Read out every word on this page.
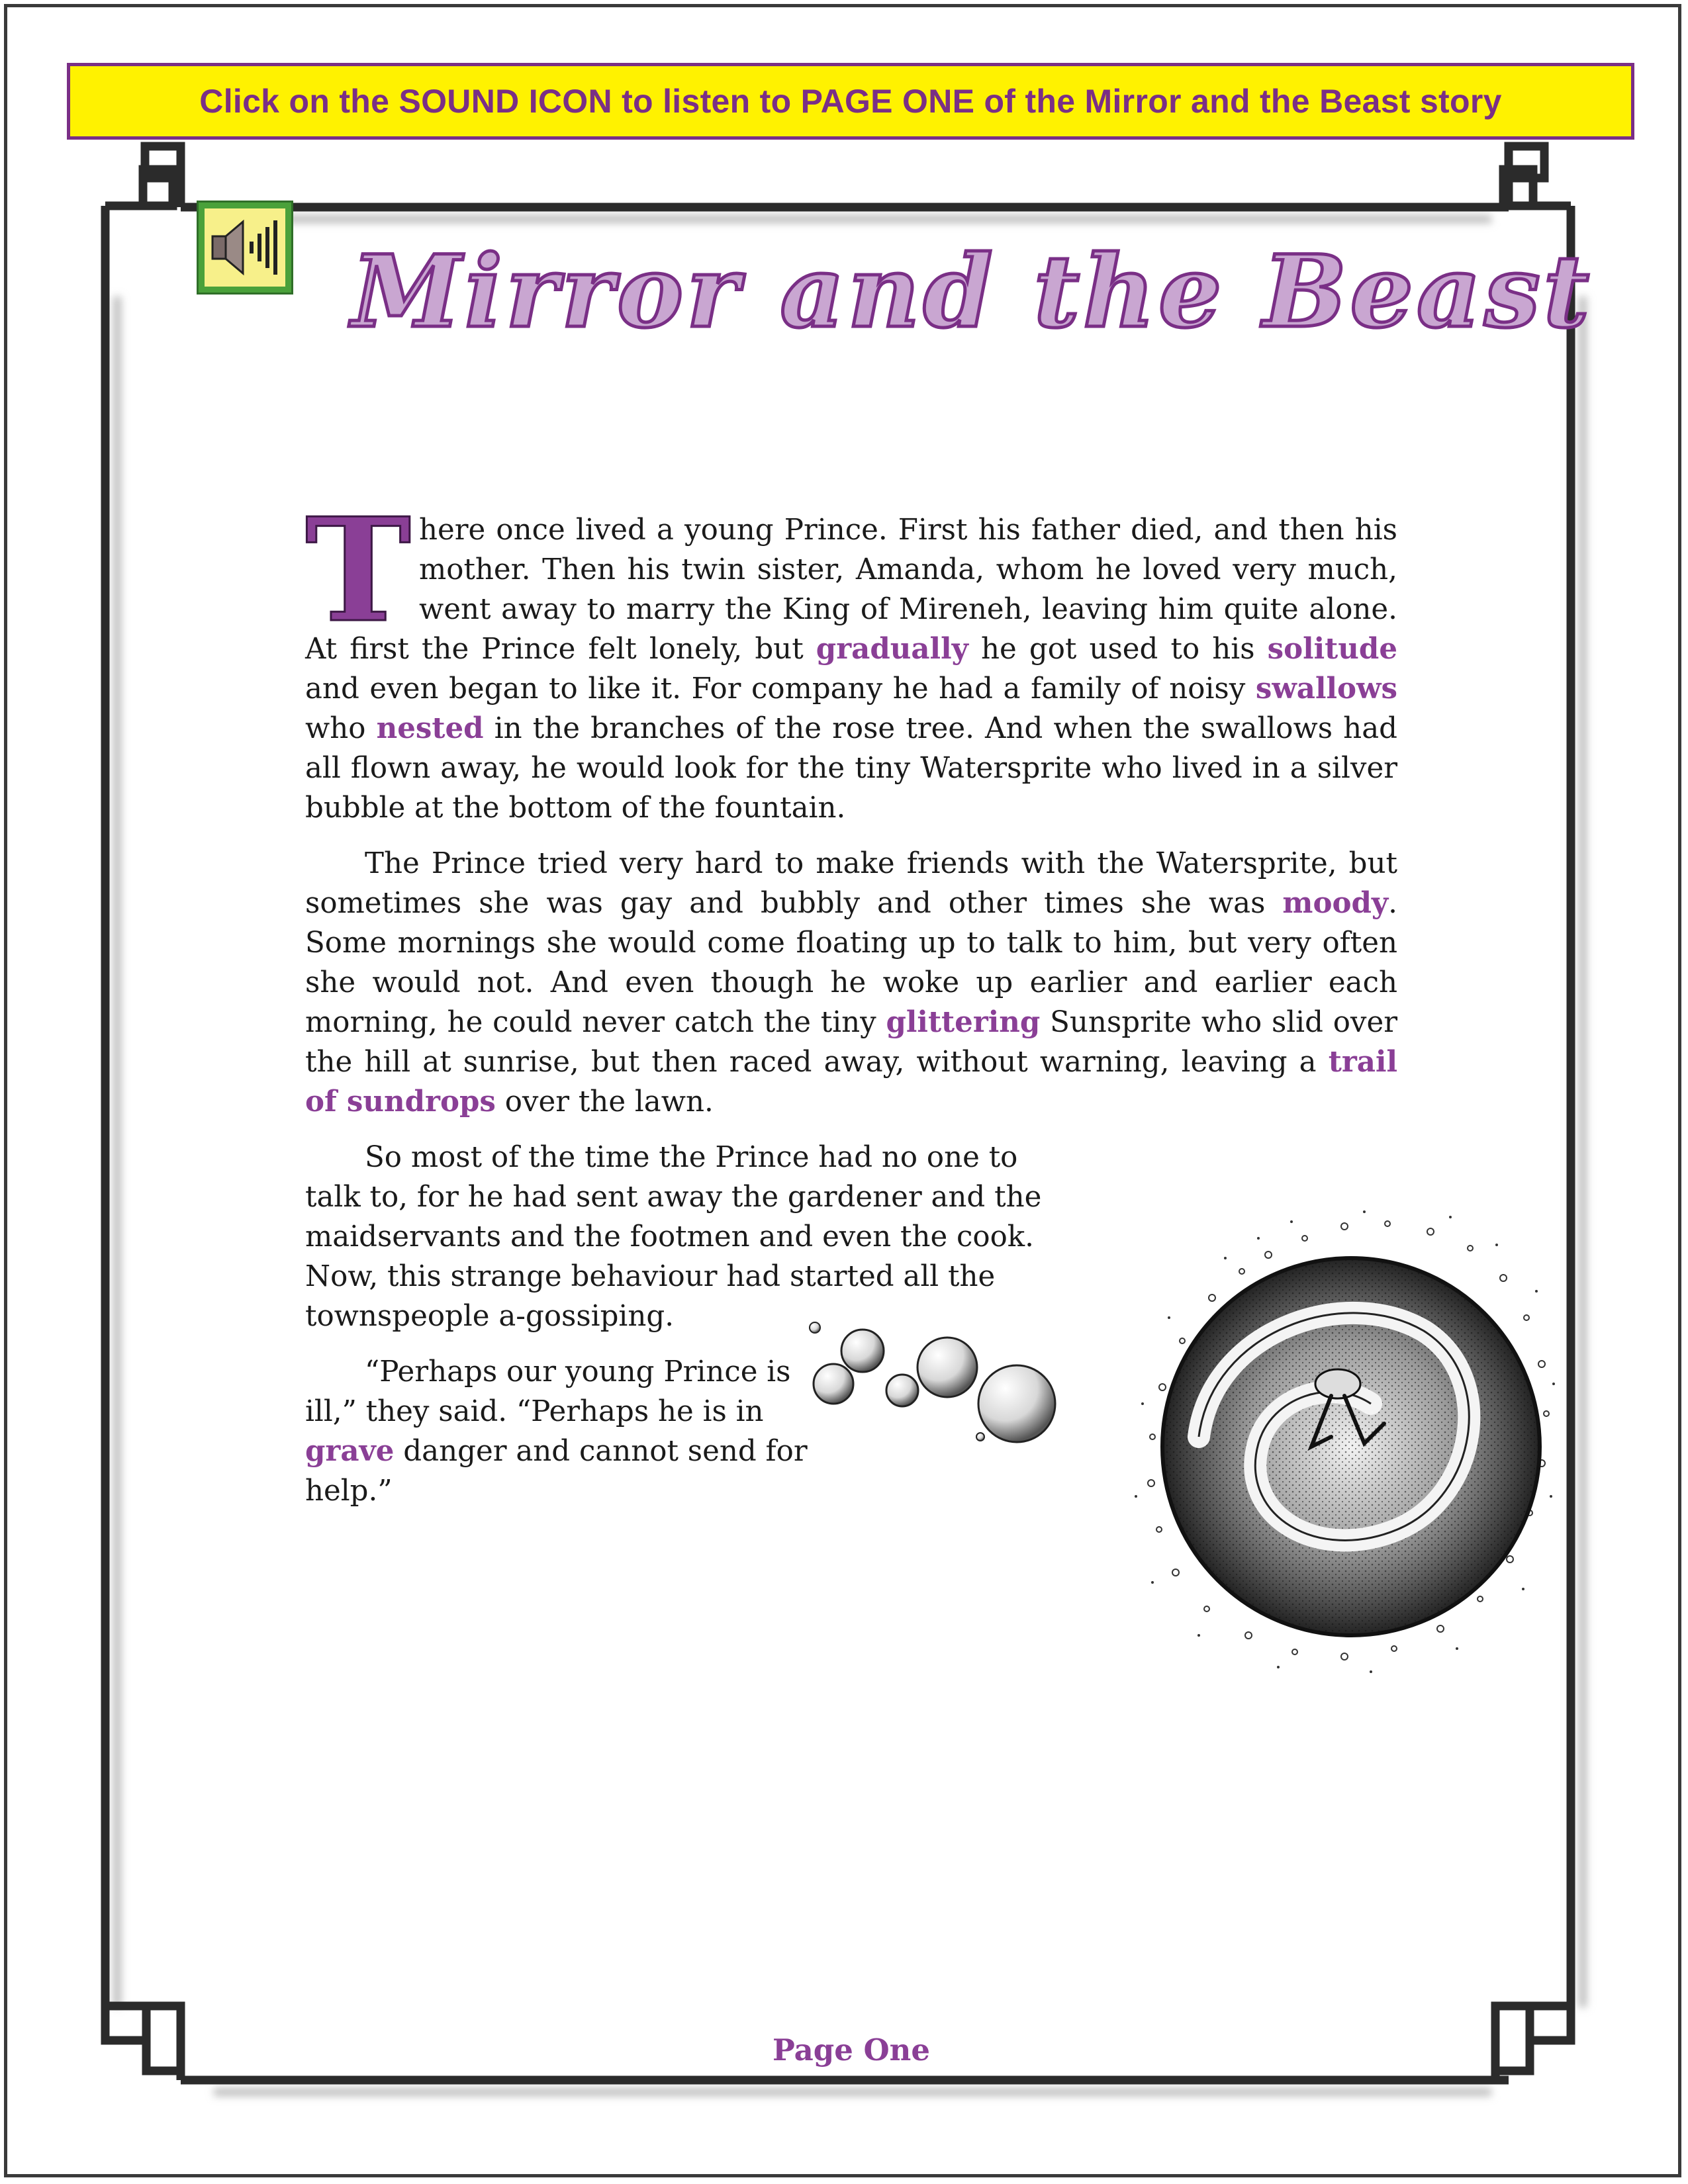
Click on the SOUND ICON to listen to PAGE ONE of the Mirror and the Beast story
Mirror and the Beast

There once lived a young Prince. First his father died, and then his mother. Then his twin sister, Amanda, whom he loved very much, went away to marry the King of Mireneh, leaving him quite alone. At first the Prince felt lonely, but gradually he got used to his solitude and even began to like it. For company he had a family of noisy swallows who nested in the branches of the rose tree. And when the swallows had all flown away, he would look for the tiny Watersprite who lived in a silver bubble at the bottom of the fountain.

The Prince tried very hard to make friends with the Watersprite, but sometimes she was gay and bubbly and other times she was moody. Some mornings she would come floating up to talk to him, but very often she would not. And even though he woke up earlier and earlier each morning, he could never catch the tiny glittering Sunsprite who slid over the hill at sunrise, but then raced away, without warning, leaving a trail of sundrops over the lawn.

So most of the time the Prince had no one to talk to, for he had sent away the gardener and the maidservants and the footmen and even the cook. Now, this strange behaviour had started all the townspeople a-gossiping.

“Perhaps our young Prince is ill,” they said. “Perhaps he is in grave danger and cannot send for help.”

Page One
